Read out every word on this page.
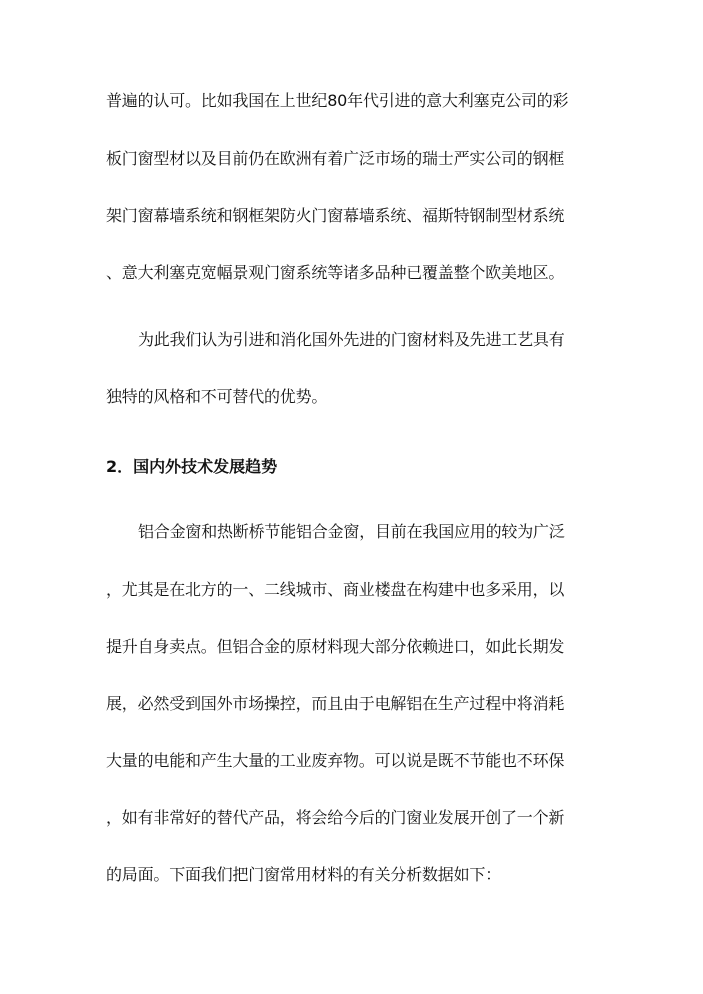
普遍的认可。比如我国在上世纪80年代引进的意大利塞克公司的彩
板门窗型材以及目前仍在欧洲有着广泛市场的瑞士严实公司的钢框
架门窗幕墙系统和钢框架防火门窗幕墙系统、福斯特钢制型材系统
、意大利塞克宽幅景观门窗系统等诸多品种已覆盖整个欧美地区。
为此我们认为引进和消化国外先进的门窗材料及先进工艺具有
独特的风格和不可替代的优势。
2．国内外技术发展趋势
铝合金窗和热断桥节能铝合金窗，目前在我国应用的较为广泛
，尤其是在北方的一、二线城市、商业楼盘在构建中也多采用，以
提升自身卖点。但铝合金的原材料现大部分依赖进口，如此长期发
展，必然受到国外市场操控，而且由于电解铝在生产过程中将消耗
大量的电能和产生大量的工业废弃物。可以说是既不节能也不环保
，如有非常好的替代产品，将会给今后的门窗业发展开创了一个新
的局面。下面我们把门窗常用材料的有关分析数据如下：
